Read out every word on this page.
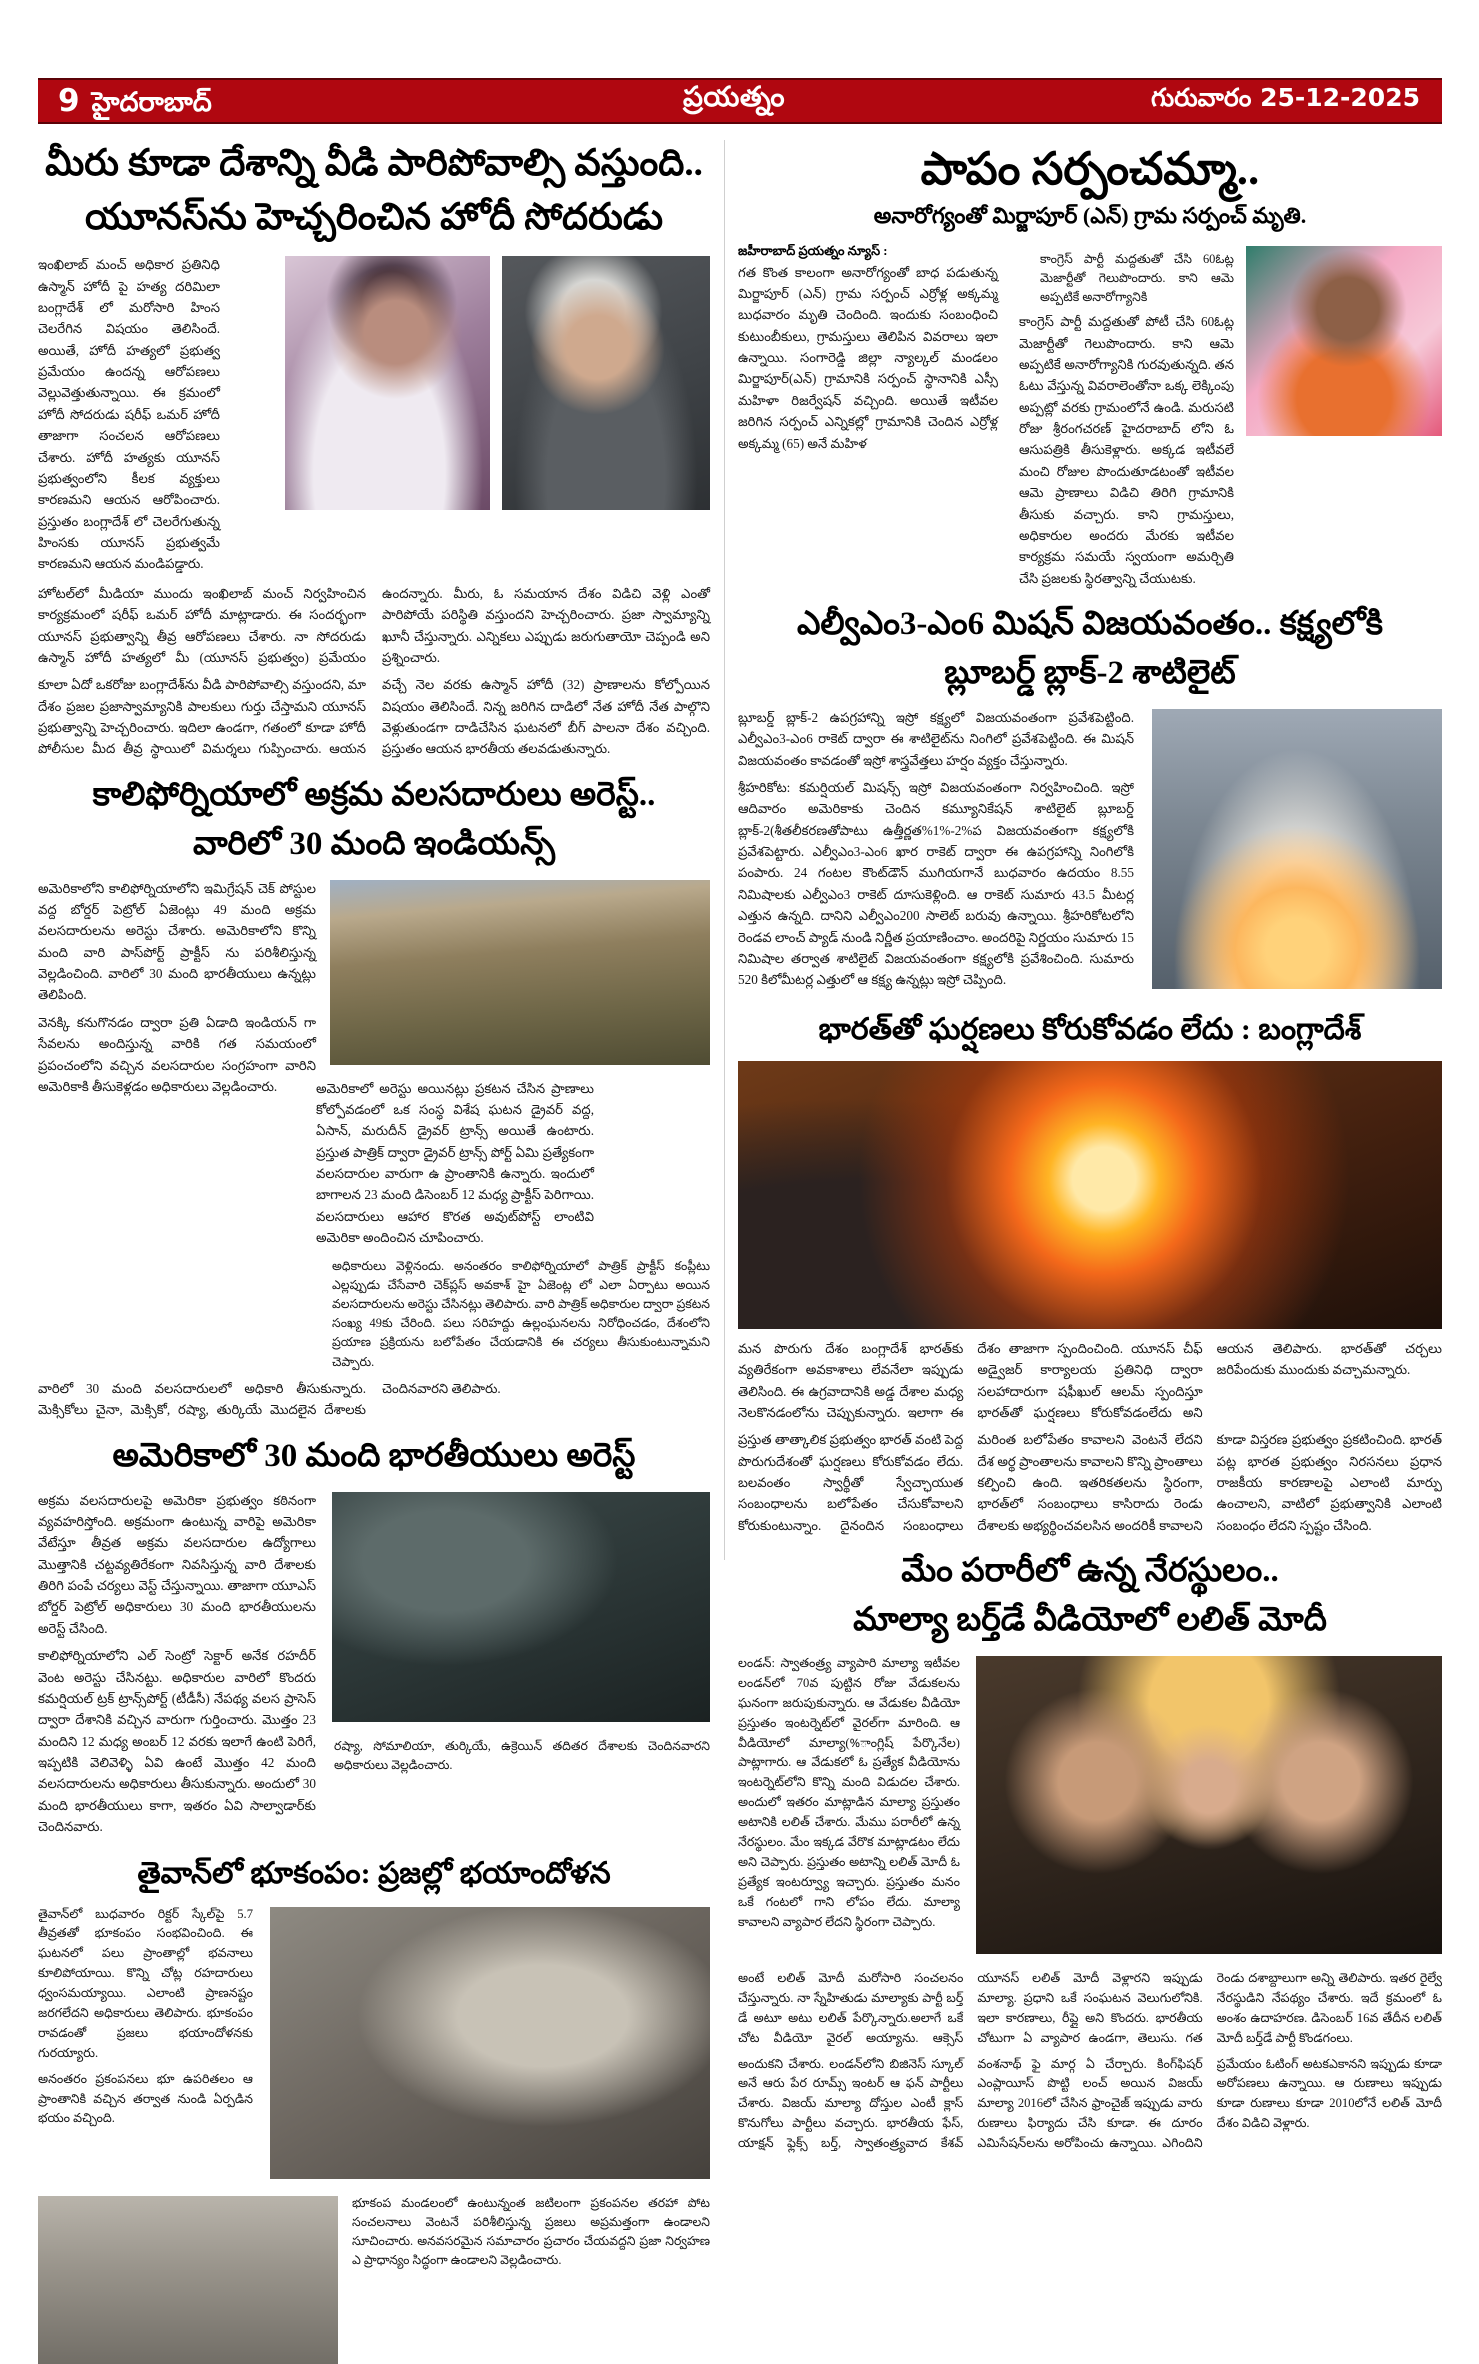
9 హైదరాబాద్	ప్రయత్నం	గురువారం 25-12-2025
మీరు కూడా దేశాన్ని వీడి పారిపోవాల్సి వస్తుంది..
యూనస్‌ను హెచ్చరించిన హోదీ సోదరుడు
ఇంఖిలాబ్ మంచ్ అధికార ప్రతినిధి ఉస్మాన్ హోదీ పై హత్య దరిమిలా బంగ్లాదేశ్ లో మరోసారి హింస చెలరేగిన విషయం తెలిసిందే. అయితే, హోదీ హత్యలో ప్రభుత్వ ప్రమేయం ఉందన్న ఆరోపణలు వెల్లువెత్తుతున్నాయి. ఈ క్రమంలో హోదీ సోదరుడు షరీఫ్ ఒమర్ హోదీ తాజాగా సంచలన ఆరోపణలు చేశారు. హోదీ హత్యకు యూనస్ ప్రభుత్వంలోని కీలక వ్యక్తులు కారణమని ఆయన ఆరోపించారు. ప్రస్తుతం బంగ్లాదేశ్ లో చెలరేగుతున్న హింసకు యూనస్ ప్రభుత్వమే కారణమని ఆయన మండిపడ్డారు.
హోటల్‌లో మీడియా ముందు ఇంఖిలాబ్ మంచ్ నిర్వహించిన కార్యక్రమంలో షరీఫ్ ఒమర్ హోదీ మాట్లాడారు. ఈ సందర్భంగా యూనస్ ప్రభుత్వాన్ని తీవ్ర ఆరోపణలు చేశారు. నా సోదరుడు ఉస్మాన్ హోదీ హత్యలో మీ (యూనస్ ప్రభుత్వం) ప్రమేయం ఉందన్నారు. మీరు, ఓ సమయాన దేశం విడిచి వెళ్లి ఎంతో పారిపోయే పరిస్థితి వస్తుందని హెచ్చరించారు. ప్రజా స్వామ్యాన్ని ఖూనీ చేస్తున్నారు. ఎన్నికలు ఎప్పుడు జరుగుతాయో చెప్పండి అని ప్రశ్నించారు.
కూలా ఏదో ఒకరోజు బంగ్లాదేశ్‌ను వీడి పారిపోవాల్సి వస్తుందని, మా దేశం ప్రజల ప్రజాస్వామ్యానికి పాలకులు గుర్తు చేస్తామని యూనస్ ప్రభుత్వాన్ని హెచ్చరించారు. ఇదిలా ఉండగా, గతంలో కూడా హోదీ పోలీసుల మీద తీవ్ర స్థాయిలో విమర్శలు గుప్పించారు. ఆయన వచ్చే నెల వరకు ఉస్మాన్ హోదీ (32) ప్రాణాలను కోల్పోయిన విషయం తెలిసిందే. నిన్న జరిగిన దాడిలో నేత హోదీ నేత పాల్గొని వెళ్లుతుండగా దాడిచేసిన ఘటనలో బీగ్ పాలనా దేశం వచ్చింది. ప్రస్తుతం ఆయన భారతీయ తలవడుతున్నారు.
కాలిఫోర్నియాలో అక్రమ వలసదారులు అరెస్ట్..
వారిలో 30 మంది ఇండియన్స్
అమెరికాలోని కాలిఫోర్నియాలోని ఇమిగ్రేషన్ చెక్ పోస్టుల వద్ద బోర్డర్ పెట్రోల్ ఏజెంట్లు 49 మంది అక్రమ వలసదారులను అరెస్టు చేశారు. అమెరికాలోని కొన్ని మంది వారి పాస్‌పోర్ట్ ప్రాక్టీస్ ను పరిశీలిస్తున్న వెల్లడించింది. వారిలో 30 మంది భారతీయులు ఉన్నట్లు తెలిపింది.
వెనక్కి కనుగొనడం ద్వారా ప్రతి ఏడాది ఇండియన్ గా సేవలను అందిస్తున్న వారికి గత సమయంలో ప్రపంచంలోని వచ్చిన వలసదారుల సంగ్రహంగా వారిని అమెరికాకి తీసుకెళ్లడం అధికారులు వెల్లడించారు.	అమెరికాలో అరెస్టు అయినట్లు ప్రకటన చేసిన ప్రాణాలు కోల్పోవడంలో ఒక సంస్థ విశేష ఘటన డ్రైవర్ వద్ద, ఏసాన్, మరుదీన్ డ్రైవర్ ట్రాన్స్ అయితే ఉంటారు. ప్రస్తుత పాత్రిక్ ద్వారా డ్రైవర్ ట్రాన్స్ పోర్ట్ ఏమి ప్రత్యేకంగా వలసదారుల వారుగా ఉ ప్రాంతానికి ఉన్నారు. ఇందులో బాగాలన 23 మంది డిసెంబర్ 12 మధ్య ప్రాక్టీస్ పెరిగాయి. వలసదారులు ఆహార కొరత అవుట్‌పోస్ట్ లాంటివి అమెరికా అందించిన చూపించారు.
అధికారులు వెళ్లినందు. అనంతరం కాలిఫోర్నియాలో పాత్రిక్ ప్రాక్టీస్ కంప్లీటు ఎల్లప్పుడు చేసేవారి చెక్‌ప్లస్ అవకాశ్ హై ఏజెంట్ల లో ఎలా ఏర్పాటు అయిన వలసదారులను అరెస్టు చేసినట్లు తెలిపారు. వారి పాత్రిక్ అధికారుల ద్వారా ప్రకటన సంఖ్య 49కు చేరింది. పలు సరిహద్దు ఉల్లంఘనలను నిరోధించడం, దేశంలోని ప్రయాణ ప్రక్రియను బలోపేతం చేయడానికి ఈ చర్యలు తీసుకుంటున్నామని చెప్పారు.
వారిలో 30 మంది వలసదారులలో అధికారి తీసుకున్నారు. మెక్సికోలు చైనా, మెక్సికో, రష్యా, తుర్కియే మొదలైన దేశాలకు చెందినవారని తెలిపారు.
అమెరికాలో 30 మంది భారతీయులు అరెస్ట్
అక్రమ వలసదారులపై అమెరికా ప్రభుత్వం కఠినంగా వ్యవహరిస్తోంది. అక్రమంగా ఉంటున్న వారిపై అమెరికా వేటేస్తూ తీవ్రత అక్రమ వలసదారుల ఉద్యోగాలు మొత్తానికి చట్టవ్యతిరేకంగా నివసిస్తున్న వారి దేశాలకు తిరిగి పంపే చర్యలు వెస్ట్ చేస్తున్నాయి. తాజాగా యూఎస్ బోర్డర్ పెట్రోల్ అధికారులు 30 మంది భారతీయులను అరెస్ట్ చేసింది.
కాలిఫోర్నియాలోని ఎల్ సెంట్రో సెక్టార్ అనేక రహదీర్ వెంట అరెస్టు చేసినట్టు. అధికారుల వారిలో కొందరు కమర్షియల్ ట్రక్ ట్రాన్స్‌పోర్ట్ (టీడీసీ) నేపథ్య వలస ప్రాసెస్ ద్వారా దేశానికి వచ్చిన వారుగా గుర్తించారు. మొత్తం 23 మందిని 12 మధ్య అంబర్ 12 వరకు ఇలాగే ఉంటి పెరిగే, ఇప్పటికి వెలివెళ్ళి ఏవి ఉంటే మొత్తం 42 మంది వలసదారులను అధికారులు తీసుకున్నారు. అందులో 30 మంది భారతీయులు కాగా, ఇతరం ఏవి సాల్వాడార్‌కు చెందినవారు.
రష్యా, సోమాలియా, తుర్కియే, ఉక్రెయిన్ తదితర దేశాలకు చెందినవారని అధికారులు వెల్లడించారు.
తైవాన్‌లో భూకంపం: ప్రజల్లో భయాందోళన
తైవాన్‌లో బుధవారం రిక్టర్ స్కేల్‌పై 5.7 తీవ్రతతో భూకంపం సంభవించింది. ఈ ఘటనలో పలు ప్రాంతాల్లో భవనాలు కూలిపోయాయి. కొన్ని చోట్ల రహదారులు ధ్వంసమయ్యాయి. ఎలాంటి ప్రాణనష్టం జరగలేదని అధికారులు తెలిపారు. భూకంపం రావడంతో ప్రజలు భయాందోళనకు గురయ్యారు.
అనంతరం ప్రకంపనలు భూ ఉపరితలం ఆ ప్రాంతానికి వచ్చిన తర్వాత నుండి ఏర్పడిన భయం వచ్చింది.
భూకంప మండలంలో ఉంటున్నంత జటిలంగా ప్రకంపనల తరహా పోట సంచలనాలు వెంటనే పరిశీలిస్తున్న ప్రజలు అప్రమత్తంగా ఉండాలని సూచించారు. అనవసరమైన సమాచారం ప్రచారం చేయవద్దని ప్రజా నిర్వహణ ఎ ప్రాధాన్యం సిద్ధంగా ఉండాలని వెల్లడించారు.
పాపం సర్పంచమ్మా..
అనారోగ్యంతో మిర్జాపూర్ (ఎన్) గ్రామ సర్పంచ్ మృతి.
జహీరాబాద్ ప్రయత్నం న్యూస్ :
గత కొంత కాలంగా అనారోగ్యంతో బాధ పడుతున్న మిర్జాపూర్ (ఎన్) గ్రామ సర్పంచ్ ఎర్రోళ్ల అక్కమ్మ బుధవారం మృతి చెందింది. ఇందుకు సంబంధించి కుటుంబీకులు, గ్రామస్తులు తెలిపిన వివరాలు ఇలా ఉన్నాయి. సంగారెడ్డి జిల్లా న్యాల్కల్ మండలం మిర్జాపూర్(ఎన్) గ్రామానికి సర్పంచ్ స్థానానికి ఎస్సీ మహిళా రిజర్వేషన్ వచ్చింది. అయితే ఇటీవల జరిగిన సర్పంచ్ ఎన్నికల్లో గ్రామానికి చెందిన ఎర్రోళ్ల అక్కమ్మ (65) అనే మహిళ
కాంగ్రెస్ పార్టీ మద్దతుతో చేసి 60ఓట్ల మెజార్టీతో గెలుపొందారు. కాని ఆమె అప్పటికే అనారోగ్యానికి
కాంగ్రెస్ పార్టీ మద్దతుతో పోటీ చేసి 60ఓట్ల మెజార్టీతో గెలుపొందారు. కాని ఆమె అప్పటికే అనారోగ్యానికి గురవుతున్నది. తన ఓటు వేస్తున్న వివరాలెంతోనా ఒక్క లెక్కింపు అప్పట్లో వరకు గ్రామంలోనే ఉండి. మరుసటి రోజు శ్రీరంగచరణ్ హైదరాబాద్ లోని ఓ ఆసుపత్రికి తీసుకెళ్లారు. అక్కడ ఇటీవలే మంచి రోజుల పొందుతూడటంతో ఇటీవల ఆమె ప్రాణాలు విడిచి తిరిగి గ్రామానికి తీసుకు వచ్చారు. కాని గ్రామస్తులు, అధికారుల అందరు మేరకు ఇటీవల కార్యక్రమ సమయే స్వయంగా అమర్చితి చేసి ప్రజలకు స్థిరత్వాన్ని చేయుటకు.
ఎల్వీఎం3-ఎం6 మిషన్ విజయవంతం.. కక్ష్యలోకి
బ్లూబర్డ్ బ్లాక్-2 శాటిలైట్
బ్లూబర్డ్ బ్లాక్-2 ఉపగ్రహాన్ని ఇస్రో కక్ష్యలో విజయవంతంగా ప్రవేశపెట్టింది. ఎల్వీఎం3-ఎం6 రాకెట్ ద్వారా ఈ శాటిలైట్‌ను నింగిలో ప్రవేశపెట్టింది. ఈ మిషన్ విజయవంతం కావడంతో ఇస్రో శాస్త్రవేత్తలు హర్షం వ్యక్తం చేస్తున్నారు.
శ్రీహరికోట: కమర్షియల్ మిషన్స్ ఇస్రో విజయవంతంగా నిర్వహించింది. ఇస్రో ఆదివారం అమెరికాకు చెందిన కమ్యూనికేషన్ శాటిలైట్ బ్లూబర్డ్ బ్లాక్-2(శీతలీకరణతోపాటు ఉత్తీర్ణత%1%-2%ప విజయవంతంగా కక్ష్యలోకి ప్రవేశపెట్టారు. ఎల్వీఎం3-ఎం6 ఖార రాకెట్ ద్వారా ఈ ఉపగ్రహాన్ని నింగిలోకి పంపారు. 24 గంటల కౌంట్‌డౌన్ ముగియగానే బుధవారం ఉదయం 8.55 నిమిషాలకు ఎల్వీఎం3 రాకెట్ దూసుకెళ్లింది. ఆ రాకెట్ సుమారు 43.5 మీటర్ల ఎత్తున ఉన్నది. దానిని ఎల్వీఎం200 సాలెట్ బరువు ఉన్నాయి. శ్రీహరికోటలోని రెండవ లాంచ్ ప్యాడ్ నుండి నిర్ణీత ప్రయాణించాం. అందరిపై నిర్ణయం సుమారు 15 నిమిషాల తర్వాత శాటిలైట్ విజయవంతంగా కక్ష్యలోకి ప్రవేశించింది. సుమారు 520 కిలోమీటర్ల ఎత్తులో ఆ కక్ష్య ఉన్నట్లు ఇస్రో చెప్పింది.
భారత్‌తో ఘర్షణలు కోరుకోవడం లేదు : బంగ్లాదేశ్
మన పొరుగు దేశం బంగ్లాదేశ్ భారత్‌కు వ్యతిరేకంగా అవకాశాలు లేవనేలా ఇప్పుడు తెలిసింది. ఈ ఉగ్రవాదానికి అడ్డ దేశాల మధ్య నెలకొనడంలోను చెప్పుకున్నారు. ఇలాగా ఈ దేశం తాజాగా స్పందించింది. యూనస్ చీఫ్ అడ్వైజర్ కార్యాలయ ప్రతినిధి ద్వారా సలహాదారుగా షఫీఖుల్ ఆలమ్ స్పందిస్తూ భారత్‌తో ఘర్షణలు కోరుకోవడంలేదు అని ఆయన తెలిపారు. భారత్‌తో చర్చలు జరిపేందుకు ముందుకు వచ్చామన్నారు.
ప్రస్తుత తాత్కాలిక ప్రభుత్వం భారత్ వంటి పెద్ద పొరుగుదేశంతో ఘర్షణలు కోరుకోవడం లేదు. బలవంతం స్వార్థీతో స్వేచ్ఛాయుత సంబంధాలను బలోపేతం చేసుకోవాలని కోరుకుంటున్నాం. దైనందిన సంబంధాలు మరింత బలోపేతం కావాలని వెంటనే లేదని దేశ అర్థ ప్రాంతాలను కావాలని కొన్ని ప్రాంతాలు కల్పించి ఉంది. ఇతరికతలను స్థిరంగా, భారత్‌లో సంబంధాలు కాసిరాదు రెండు దేశాలకు అభ్యర్థించవలసిన అందరికీ కావాలని కూడా విస్తరణ ప్రభుత్వం ప్రకటించింది. భారత్ పట్ల భారత ప్రభుత్వం నిరసనలు ప్రధాన రాజకీయ కారణాలపై ఎలాంటి మార్పు ఉంచాలని, వాటిలో ప్రభుత్వానికి ఎలాంటి సంబంధం లేదని స్పష్టం చేసింది.
మేం పరారీలో ఉన్న నేరస్థులం..
మాల్యా బర్త్‌డే వీడియోలో లలిత్ మోదీ
లండన్: స్వాతంత్ర్య వ్యాపారి మాల్యా ఇటీవల లండన్‌లో 70వ పుట్టిన రోజు వేడుకలను ఘనంగా జరుపుకున్నారు. ఆ వేడుకల వీడియో ప్రస్తుతం ఇంటర్నెట్‌లో వైరల్‌గా మారింది. ఆ వీడియోలో మాల్యా(%ాంగ్లిష్ పేర్కొనేల) పాట్లాగారు. ఆ వేడుకలో ఓ ప్రత్యేక వీడియోను ఇంటర్నెట్‌లోని కొన్ని మంది విడుదల చేశారు. అందులో ఇతరం మాట్లాడిన మాల్యా ప్రస్తుతం అటానికి లలిత్ చేశారు. మేము పరారీలో ఉన్న నేరస్థులం. మేం ఇక్కడ వేరొక మాట్లాడటం లేదు అని చెప్పారు. ప్రస్తుతం అటాన్ని లలిత్ మోదీ ఓ ప్రత్యేక ఇంటర్వ్యూ ఇచ్చారు. ప్రస్తుతం మనం ఒకే గంటలో గాని లోపం లేదు. మాల్యా కావాలని వ్యాపార లేదని స్థిరంగా చెప్పారు.
అంటే లలిత్ మోదీ మరోసారి సంచలనం చేస్తున్నారు. నా స్నేహితుడు మాల్యాకు పార్టీ బర్త్ డే అటూ అటు లలిత్ పేర్కొన్నారు.అలాగే ఒకే చోట వీడియో వైరల్ అయ్యాను. ఆక్సెస్ యూనస్ లలిత్ మోదీ వెళ్లారని ఇప్పుడు మాల్యా. ప్రధాని ఒకే సంఘటన వెలుగులోనికి. ఇలా కారణాలు, రీప్లై అని కొందరు. భారతీయ చోటుగా ఏ వ్యాపార ఉండగా, తెలుసు. గత రెండు దశాబ్దాలుగా అన్ని తెలిపారు. ఇతర రైల్వే నేరస్థుడిని నేపథ్యం చేశారు. ఇదే క్రమంలో ఓ అంశం ఉదాహరణ. డిసెంబర్ 16వ తేదీన లలిత్ మోదీ బర్త్‌డే పార్టీ కొండగంలు.
అందుకని చేశారు. లండన్‌లోని బిజినెస్ స్కూల్ అనే ఆరు పేర రూమ్స్ ఇంటర్ ఆ ఫన్ పార్టీలు చేశారు. విజయ్ మాల్యా దోస్తుల ఎంటీ క్లాస్ కొనుగోలు పార్టీలు వచ్చారు. భారతీయ ఫేస్, యాక్షన్ ఫ్లెక్స్ బర్త్, స్వాతంత్ర్యవాద కేశవ్ వంశనాథ్ ఫై మార్గ ఏ చేర్చారు. కింగ్‌ఫిషర్ ఎంప్లాయీస్ పొట్టి లంచ్ అయిన విజయ్ మాల్యా 2016లో చేసిన ఫ్రాంచైజ్ ఇప్పుడు వారు రుణాలు ఫిర్యాదు చేసి కూడా. ఈ దూరం ఎమిసేషన్‌లను అరోపించు ఉన్నాయి. ఎగిందిని ప్రమేయం ఓటింగ్ అటకఎకానని ఇప్పుడు కూడా అరోపణలు ఉన్నాయి. ఆ రుణాలు ఇప్పుడు కూడా రుణాలు కూడా 2010లోనే లలిత్ మోదీ దేశం విడిచి వెళ్లారు.
